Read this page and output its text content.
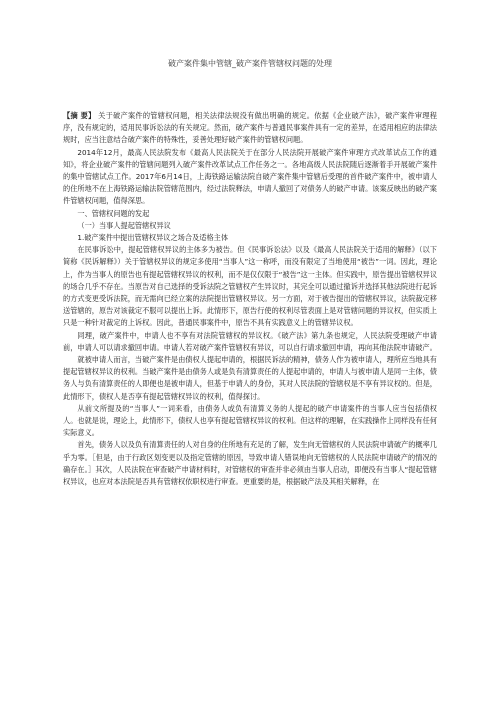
破产案件集中管辖_破产案件管辖权问题的处理

【摘 要】 关于破产案件的管辖权问题，相关法律法规没有做出明确的规定。依据《企业破产法》，破产案件审理程序，没有规定的，适用民事诉讼法的有关规定。然而，破产案件与普通民事案件具有一定的差异，在适用相应的法律法规时，应当注意结合破产案件的特殊性，妥善处理好破产案件的管辖权问题。

2014年12月，最高人民法院发布《最高人民法院关于在部分人民法院开展破产案件审理方式改革试点工作的通知》，将企业破产案件的管辖问题列入破产案件改革试点工作任务之一。各地高级人民法院随后逐渐着手开展破产案件的集中管辖试点工作。2017年6月14日，上海铁路运输法院自破产案件集中管辖后受理的首件破产案件中，被申请人的住所地不在上海铁路运输法院管辖范围内，经过法院释法，申请人撤回了对债务人的破产申请。该案反映出的破产案件管辖权问题，值得深思。

一、管辖权问题的发起

（一）当事人提起管辖权异议

1.破产案件中提出管辖权异议之场合及适格主体

在民事诉讼中，提起管辖权异议的主体多为被告。但《民事诉讼法》以及《最高人民法院关于适用的解释》（以下简称《民诉解释》）关于管辖权异议的规定多使用“当事人”这一称呼，而没有限定了当地使用“被告”一词。因此，理论上，作为当事人的原告也有提起管辖权异议的权利，而不是仅仅限于“被告”这一主体。但实践中，原告提出管辖权异议的场合几乎不存在。当原告对自己选择的受诉法院之管辖权产生异议时，其完全可以通过撤诉并选择其他法院进行起诉的方式变更受诉法院，而无需向已经立案的法院提出管辖权异议。另一方面，对于被告提出的管辖权异议，法院裁定移送管辖的，原告对该裁定不服可以提出上诉。此情形下，原告行使的权利尽管表面上是对管辖问题的异议权，但实质上只是一种针对裁定的上诉权。因此，普通民事案件中，原告不具有实践意义上的管辖异议权。

同理，破产案件中，申请人也不享有对法院管辖权的异议权。《破产法》第九条也规定，人民法院受理破产申请前，申请人可以请求撤回申请。申请人若对破产案件管辖权有异议，可以自行请求撤回申请，再向其他法院申请破产。

就被申请人而言，当破产案件是由债权人提起申请的，根据民诉法的精神，债务人作为被申请人，理所应当地具有提起管辖权异议的权利。当破产案件是由债务人或是负有清算责任的人提起申请的，申请人与被申请人是同一主体，债务人与负有清算责任的人即便也是被申请人，但基于申请人的身份，其对人民法院的管辖权是不享有异议权的。但是，此情形下，债权人是否享有提起管辖权异议的权利，值得探讨。

从前文所提及的“当事人”一词来看，由债务人或负有清算义务的人提起的破产申请案件的当事人应当包括债权人。也就是说，理论上，此情形下，债权人也享有提起管辖权异议的权利。但这样的理解，在实践操作上同样没有任何实际意义。

首先，债务人以及负有清算责任的人对自身的住所地有充足的了解，发生向无管辖权的人民法院申请破产的概率几乎为零。［但是，由于行政区划变更以及指定管辖的原因，导致申请人错误地向无管辖权的人民法院申请破产的情况的确存在。］其次，人民法院在审查破产申请材料时，对管辖权的审查并非必须由当事人启动，即便没有当事人“提起管辖权异议，也应对本法院是否具有管辖权依职权进行审查。更重要的是，根据破产法及其相关解释，在
